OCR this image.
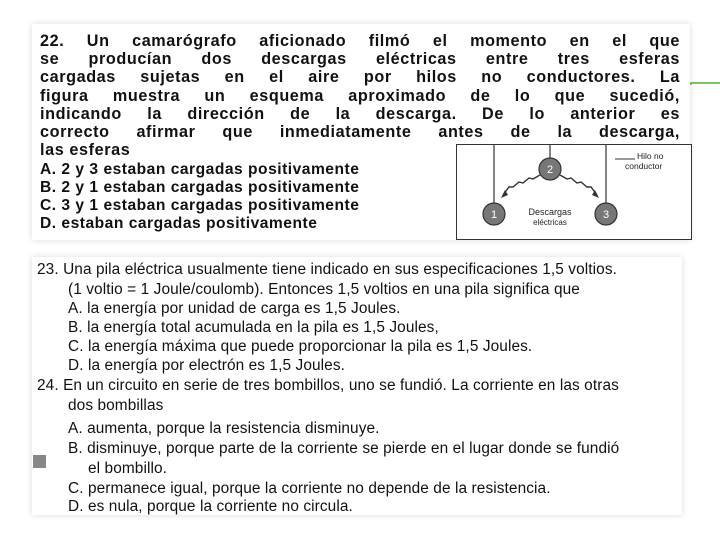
22. Un camarógrafo aficionado filmó el momento en el que
se producían dos descargas eléctricas entre tres esferas
cargadas sujetas en el aire por hilos no conductores. La
figura muestra un esquema aproximado de lo que sucedió,
indicando la dirección de la descarga. De lo anterior es
correcto afirmar que inmediatamente antes de la descarga,
las esferas
A. 2 y 3 estaban cargadas positivamente
B. 2 y 1 estaban cargadas positivamente
C. 3 y 1 estaban cargadas positivamente
D. estaban cargadas positivamente
2
1	3
Descargas
eléctricas
Hilo no
conductor
23. Una pila eléctrica usualmente tiene indicado en sus especificaciones 1,5 voltios.
(1 voltio = 1 Joule/coulomb). Entonces 1,5 voltios en una pila significa que
A. la energía por unidad de carga es 1,5 Joules.
B. la energía total acumulada en la pila es 1,5 Joules,
C. la energía máxima que puede proporcionar la pila es 1,5 Joules.
D. la energía por electrón es 1,5 Joules.
24. En un circuito en serie de tres bombillos, uno se fundió. La corriente en las otras
dos bombillas
A. aumenta, porque la resistencia disminuye.
B. disminuye, porque parte de la corriente se pierde en el lugar donde se fundió
el bombillo.
C. permanece igual, porque la corriente no depende de la resistencia.
D. es nula, porque la corriente no circula.
